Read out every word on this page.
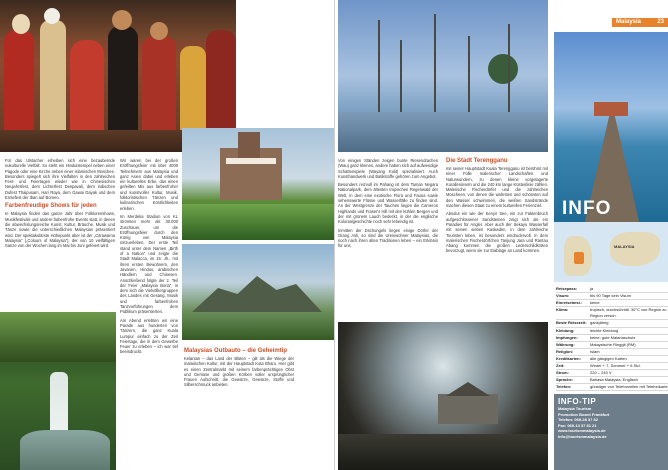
Für das Ulstacher erheiben sich eine bezaubernde nukulturelle Vielfalt. So steht ein Hinduistempel neben einer Pagode oder eine Kirche neben einer islamischen Moschee. Besonders spiegelt sich ihre Vielfalten in den zahlreichen Fest- und Feiertagen wieder wie in Chinesischen Neujahrsfest, dem Lichterfest Deepavali, dem indischen Dufest Thaipusam, Hari Raya, dem Gawai Dayak und dem Erntefest der Iban auf Borneo.

Farbenfreudige Shows für jeden

In Malaysia finden das ganze Jahr über Folklorenshows, Musikfestivals und andere farbenfrohe Events statt, in denen die abwechslungsreiche Kunst, Kultur, Bräuche, Musik und Tänze sowie die unterschiedlichen Malaysias präsentiert wird. Der spektakulärste Höhepunkt aber ist der „Citrawarna Malaysia“ („Colours of Malaysia“), der von 10 vielfältigen Sanze von der Wochen lang im Mai bis Juni gefeiert wird.

Wir waren bei der großen Eröffnungsfeier mit über 4000 Teilnehmern aus Malaysia und ganz Asien dabei und erleben ein kulturelles Erbe, das einen gefeilten Mix aus farbenfroher und kunstvoller Kultur, Musik, folkloristischen Tänzen und kulinarischen Köstlichkeiten erleben.

Im Merdeka Stadion von KL strömten mehr als 30.000 Zuschauer, um die Eröffnungsfeier durch den König von Malaysia mitzuerleben. Der erste Teil stand unter dem Namen „Birth of a Nation“ und zeigte die Stadt Malacca, im 15. Jh., mit ihren ersten Bewohnern, den Javanen, Hindus, arabischen Händlern und Chinesen. Anschließend folgte der 2. Teil der Feier „Malaysia Boria“, in dem sich die Vielvölkergruppen des Landes mit Gesang, Musik und farbenfrohen Tanzvorführungen dem Publikum präsentierten.

Am Abend erlebten wir eine Parade aus hunderten von Tänzern, die ganz Kuala Lumpur einfach zu der Zeit Feiertage, die in dem Gewerbe Feuer zu erleben – ich war tief beeindruckt.	Malaysias Outbauto – die Geheimtip

Kelantan – das Land der Blüten – gilt als die Wiege der malaiischen Kultur, mit der Hauptstadt Kota Bharu. Hier gibt es einen Zentralmarkt mit seinem farbenprächtigen Obst und Gemüse und großen Körben voller ursprünglicher Frauen Aufschnitt, die Gewürze, Gewürze, Stoffe und Silberschmuck anbieten.

Von einigen Ständen zeigen bunte Riesendrachen (Wau) ganz kleinen, andere haben sich auf aufwendige Schattenspiele (Wayang Kulit) spezialisiert. Auch Kunsthandwerk und Batikstoffe gehören zum Angebot.

Besonders reizvoll im Pahang ist dem Taman Negara Nationalpark, dem ältesten tropischen Regenwald der Welt, in dem eine exotische Flora und Fauna sowie sehenswerte Flüsse und Wasserfälle zu finden sind. An der Westgrenze der Tauchen liegen die Cameron Highlands und Fraser's Hill mit den kühlen Bergen und der mit grünem Lauch bedeckt, in der die englische Kolonialgeschichte noch sehr lebendig ist.

Inmitten der Dschungels liegen einige Dörfer der Orang Asli, so sind die Ureinwohner Malaysias, die noch nach ihren alten Traditionen leben – ein Erlebnis für uns.

Die Stadt Terengganu

mit seiner Hauptstadt Kuala Terengganu ist berühmt mit einer Fülle malerischer Landschaften und Naturwundern, zu denen kleine vorgelagerte Koralleninseln und die 240 km lange Küstenlinie zählen. Malerische Fischerdörfer und die zahlreichen Moscheen, von denen die wahrsten und schönsten auf den Wasser schwimmen, die weißen Sandstrände machen diesen Staat zu einem kulturellen Ferienziel.

Absolut ein wie der Kenyir See, ein zur Faktenbruch aufgeschlüssener Sandsteinen zeigt sich als ein Paradies für Angler. Aber auch der Sekayu Wasserfall mit seinen sieben Kaskaden, in dem zahlreiche Touristen leben, ist besonders eindrucksvoll. In dem malerischen Fischerdörfchen Tanjung Jara und Rantau Abang kommen die großen Lederschildkröten bevorzugt, wenn sie zur Eiablage an Land kommen.

Malaysia	23
INFO
MALAYSIA
Reisepass:	ja
Visum:	bis 90 Tage kein Visum
Einreisebest.:	keine
Klima:	tropisch, durchschnittl. 30°C von Region zu Region versch.
Beste Reisezeit: ganzjährig
Kleidung:	leichte Kleidung
Impfungen:	keine; gute Malariaschutz
Währung:	Malaysische Ringgit (RM)
Religion:	Islam
Kreditkarten:	alle gängigen Karten
Zeit:	Winter + 7, Sommer + 6 Std.
Strom:	220 – 240 V
Sprache:	Bahasa Malaysia, Englisch
Telefon:	günstiger von Telefonzellen mit Telefonkarte
INFO-TIP
Malaysia Tourism
Promotion Board Frankfurt
Telefon: 069-28 37 82
Fax: 069-13 37 81 21
www.tourismmalaysia.de
info@tourismmalaysia.de
